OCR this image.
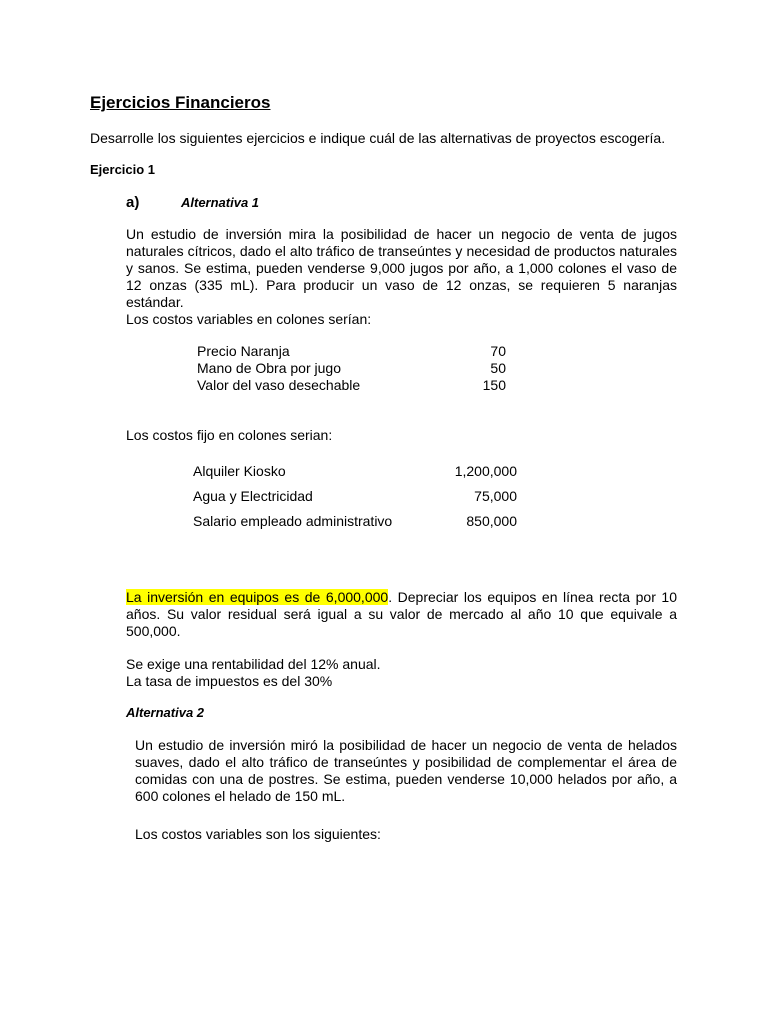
Ejercicios Financieros
Desarrolle los siguientes ejercicios e indique cuál de las alternativas de proyectos escogería.
Ejercicio 1
a)	Alternativa 1
Un estudio de inversión mira la posibilidad de hacer un negocio de venta de jugos naturales cítricos, dado el alto tráfico de transeúntes y necesidad de productos naturales y sanos. Se estima, pueden venderse 9,000 jugos por año, a 1,000 colones el vaso de 12 onzas (335 mL). Para producir un vaso de 12 onzas, se requieren 5 naranjas estándar.
Los costos variables en colones serían:
Precio Naranja	70
Mano de Obra por jugo	50
Valor del vaso desechable	150
Los costos fijo en colones serian:
Alquiler Kiosko	1,200,000
Agua y Electricidad	75,000
Salario empleado administrativo	850,000
La inversión en equipos es de 6,000,000. Depreciar los equipos en línea recta por 10 años. Su valor residual será igual a su valor de mercado al año 10 que equivale a 500,000.
Se exige una rentabilidad del 12% anual.
La tasa de impuestos es del 30%
Alternativa 2
Un estudio de inversión miró la posibilidad de hacer un negocio de venta de helados suaves, dado el alto tráfico de transeúntes y posibilidad de complementar el área de comidas con una de postres. Se estima, pueden venderse 10,000 helados por año, a 600 colones el helado de 150 mL.
Los costos variables son los siguientes:
